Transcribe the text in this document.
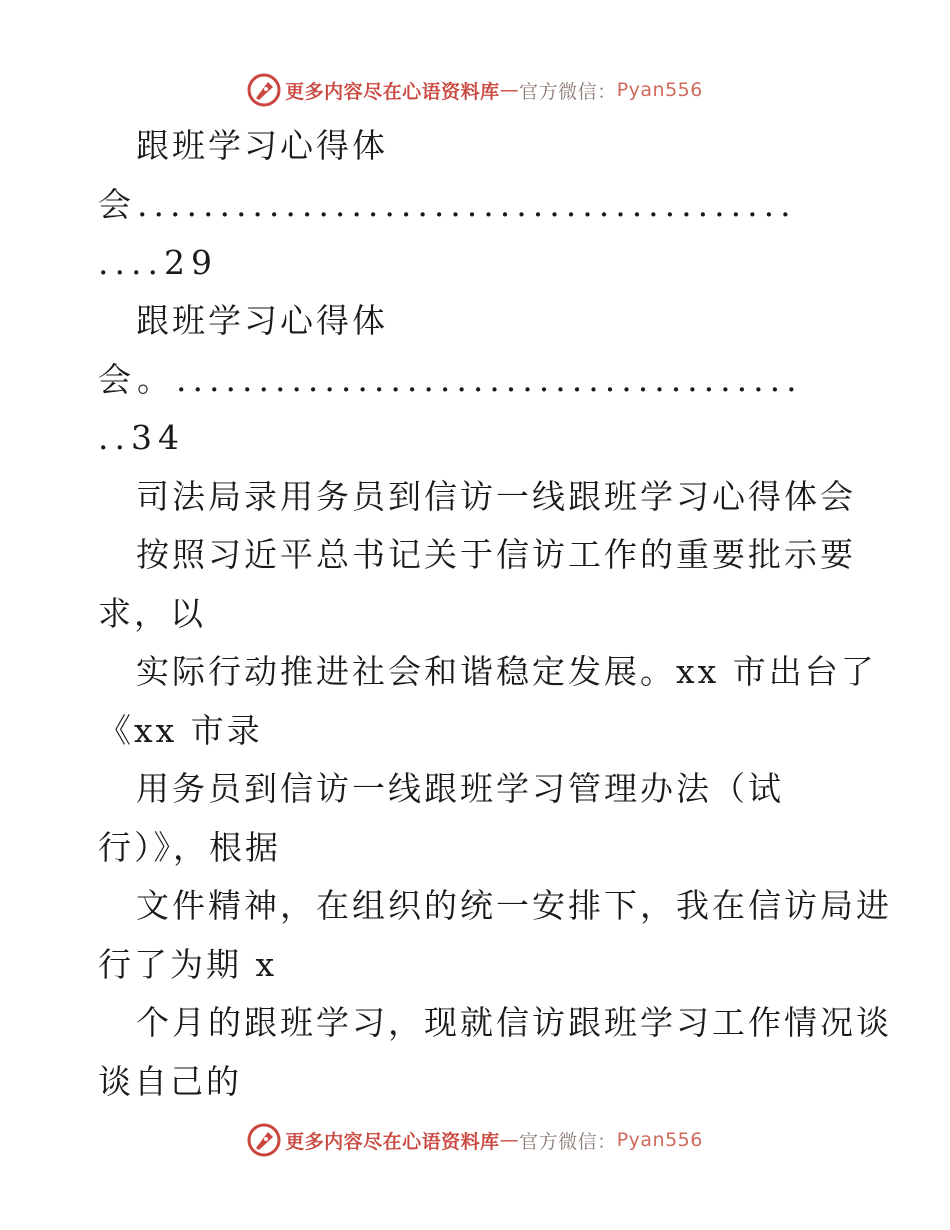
更多内容尽在心语资料库 — 官方微信： Pyan556
跟班学习心得体
会........................................
....29
跟班学习心得体
会。......................................
..34
司法局录用务员到信访一线跟班学习心得体会
按照习近平总书记关于信访工作的重要批示要
求，以
实际行动推进社会和谐稳定发展。xx 市出台了
《xx 市录
用务员到信访一线跟班学习管理办法（试
行）》，根据
文件精神，在组织的统一安排下，我在信访局进
行了为期 x
个月的跟班学习，现就信访跟班学习工作情况谈
谈自己的
更多内容尽在心语资料库 — 官方微信： Pyan556
